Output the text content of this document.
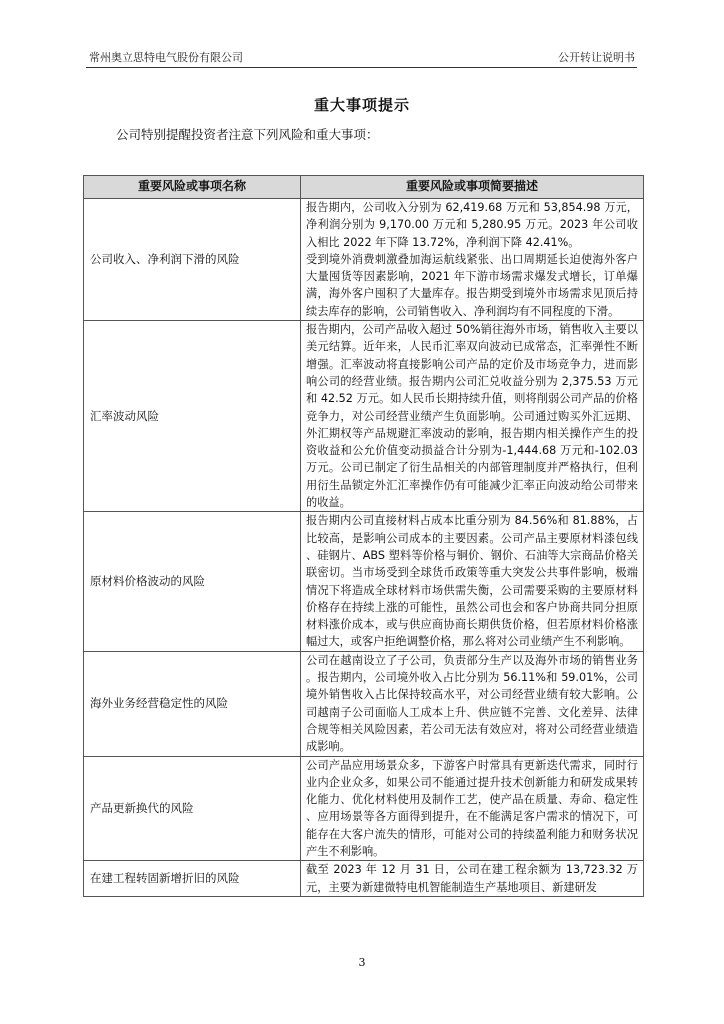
常州奥立思特电气股份有限公司	公开转让说明书
重大事项提示
公司特别提醒投资者注意下列风险和重大事项：
重要风险或事项名称	重要风险或事项简要描述
公司收入、净利润下滑的风险	报告期内，公司收入分别为 62,419.68 万元和 53,854.98 万元，净利润分别为 9,170.00 万元和 5,280.95 万元。2023 年公司收入相比 2022 年下降 13.72%，净利润下降 42.41%。

受到境外消费刺激叠加海运航线紧张、出口周期延长迫使海外客户大量囤货等因素影响，2021 年下游市场需求爆发式增长，订单爆满，海外客户囤积了大量库存。报告期受到境外市场需求见顶后持续去库存的影响，公司销售收入、净利润均有不同程度的下滑。

汇率波动风险	报告期内，公司产品收入超过 50%销往海外市场，销售收入主要以美元结算。近年来，人民币汇率双向波动已成常态，汇率弹性不断增强。汇率波动将直接影响公司产品的定价及市场竞争力，进而影响公司的经营业绩。报告期内公司汇兑收益分别为 2,375.53 万元和 42.52 万元。如人民币长期持续升值，则将削弱公司产品的价格竞争力，对公司经营业绩产生负面影响。公司通过购买外汇远期、外汇期权等产品规避汇率波动的影响，报告期内相关操作产生的投资收益和公允价值变动损益合计分别为-1,444.68 万元和-102.03 万元。公司已制定了衍生品相关的内部管理制度并严格执行，但利用衍生品锁定外汇汇率操作仍有可能减少汇率正向波动给公司带来的收益。

原材料价格波动的风险	报告期内公司直接材料占成本比重分别为 84.56%和 81.88%，占比较高，是影响公司成本的主要因素。公司产品主要原材料漆包线、硅钢片、ABS 塑料等价格与铜价、钢价、石油等大宗商品价格关联密切。当市场受到全球货币政策等重大突发公共事件影响，极端情况下将造成全球材料市场供需失衡，公司需要采购的主要原材料价格存在持续上涨的可能性，虽然公司也会和客户协商共同分担原材料涨价成本，或与供应商协商长期供货价格，但若原材料价格涨幅过大，或客户拒绝调整价格，那么将对公司业绩产生不利影响。

海外业务经营稳定性的风险	公司在越南设立了子公司，负责部分生产以及海外市场的销售业务。报告期内，公司境外收入占比分别为 56.11%和 59.01%，公司境外销售收入占比保持较高水平，对公司经营业绩有较大影响。公司越南子公司面临人工成本上升、供应链不完善、文化差异、法律合规等相关风险因素，若公司无法有效应对，将对公司经营业绩造成影响。

产品更新换代的风险	公司产品应用场景众多，下游客户时常具有更新迭代需求，同时行业内企业众多，如果公司不能通过提升技术创新能力和研发成果转化能力、优化材料使用及制作工艺，使产品在质量、寿命、稳定性、应用场景等各方面得到提升，在不能满足客户需求的情况下，可能存在大客户流失的情形，可能对公司的持续盈利能力和财务状况产生不利影响。

在建工程转固新增折旧的风险	截至 2023 年 12 月 31 日，公司在建工程余额为 13,723.32 万元，主要为新建微特电机智能制造生产基地项目、新建研发

3
